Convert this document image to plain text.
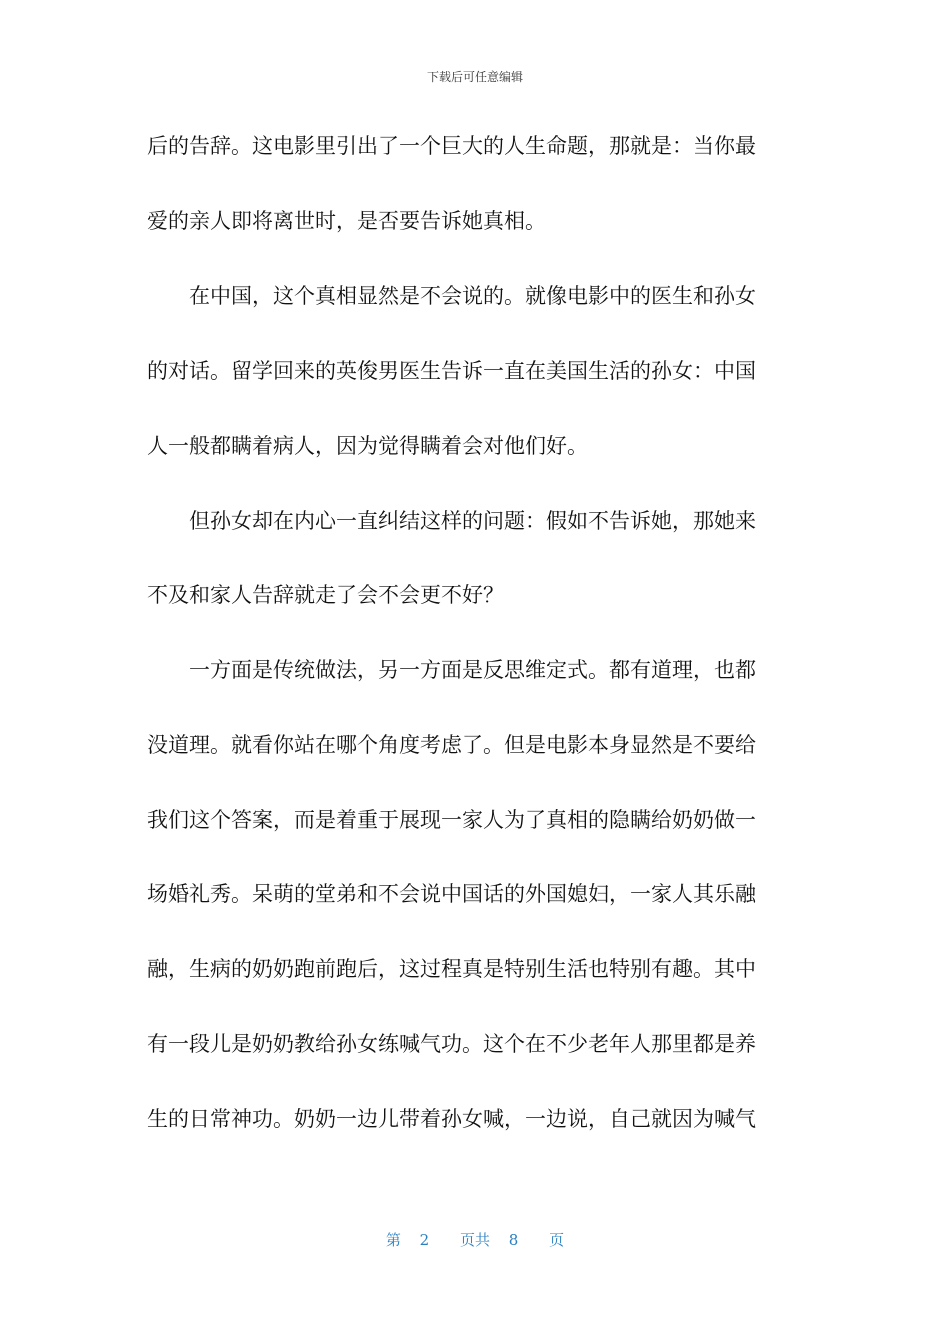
下载后可任意编辑
后的告辞。这电影里引出了一个巨大的人生命题，那就是：当你最
爱的亲人即将离世时，是否要告诉她真相。
在中国，这个真相显然是不会说的。就像电影中的医生和孙女
的对话。留学回来的英俊男医生告诉一直在美国生活的孙女：中国
人一般都瞒着病人，因为觉得瞒着会对他们好。
但孙女却在内心一直纠结这样的问题：假如不告诉她，那她来
不及和家人告辞就走了会不会更不好？
一方面是传统做法，另一方面是反思维定式。都有道理，也都
没道理。就看你站在哪个角度考虑了。但是电影本身显然是不要给
我们这个答案，而是着重于展现一家人为了真相的隐瞒给奶奶做一
场婚礼秀。呆萌的堂弟和不会说中国话的外国媳妇，一家人其乐融
融，生病的奶奶跑前跑后，这过程真是特别生活也特别有趣。其中
有一段儿是奶奶教给孙女练喊气功。这个在不少老年人那里都是养
生的日常神功。奶奶一边儿带着孙女喊，一边说，自己就因为喊气
第 2 页共 8 页
